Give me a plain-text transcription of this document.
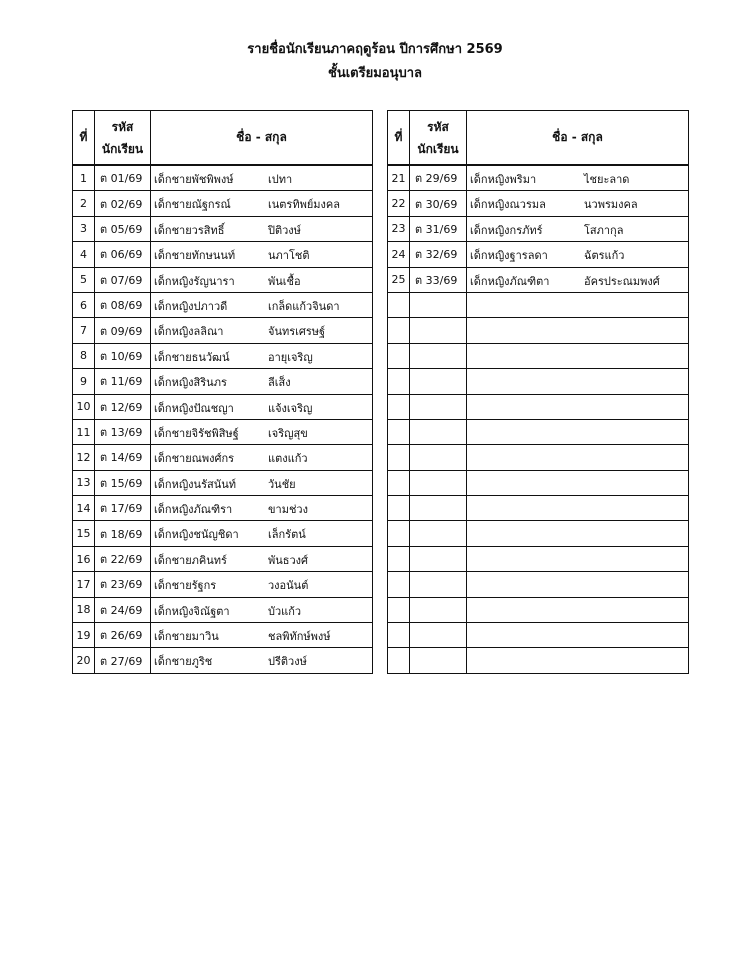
รายชื่อนักเรียนภาคฤดูร้อน ปีการศึกษา 2569
ชั้นเตรียมอนุบาล
ที่	รหัส
นักเรียน	ชื่อ - สกุล
1	ต 01/69	เด็กชายพัชพิพงษ์ เปทา

2	ต 02/69	เด็กชายณัฐกรณ์ เนตรทิพย์มงคล

3	ต 05/69	เด็กชายวรสิทธิ์ ปิติวงษ์

4	ต 06/69	เด็กชายทักษนนท์ นภาโชติ

5	ต 07/69	เด็กหญิงรัญนารา พันเชื้อ

6	ต 08/69	เด็กหญิงปภาวดี เกล็ดแก้วจินดา

7	ต 09/69	เด็กหญิงลลิณา จันทรเศรษฐ์

8	ต 10/69	เด็กชายธนวัฒน์ อายุเจริญ

9	ต 11/69	เด็กหญิงสิรินภร ลีเส็ง

10	ต 12/69	เด็กหญิงปัณชญา แจ้งเจริญ

11	ต 13/69	เด็กชายจิรัชพิสิษฐ์ เจริญสุข

12	ต 14/69	เด็กชายณพงศ์กร แตงแก้ว

13	ต 15/69	เด็กหญิงนรัสนันท์ วันชัย

14	ต 17/69	เด็กหญิงภัณฑิรา ขามช่วง

15	ต 18/69	เด็กหญิงชนัญชิดา เล็กรัตน์

16	ต 22/69	เด็กชายภคินทร์ พันธวงศ์

17	ต 23/69	เด็กชายรัฐกร วงอนันต์

18	ต 24/69	เด็กหญิงจิณัฐตา บัวแก้ว

19	ต 26/69	เด็กชายมาวิน ชลพิทักษ์พงษ์

20	ต 27/69	เด็กชายภูริช ปรีติวงษ์
ที่	รหัส
นักเรียน	ชื่อ - สกุล
21	ต 29/69	เด็กหญิงพริมา ไชยะลาด

22	ต 30/69	เด็กหญิงณวรมล นวพรมงคล

23	ต 31/69	เด็กหญิงกรภัทร์ โสภากุล

24	ต 32/69	เด็กหญิงฐารลดา ฉัตรแก้ว

25	ต 33/69	เด็กหญิงภัณฑิตา อัครประณมพงศ์
